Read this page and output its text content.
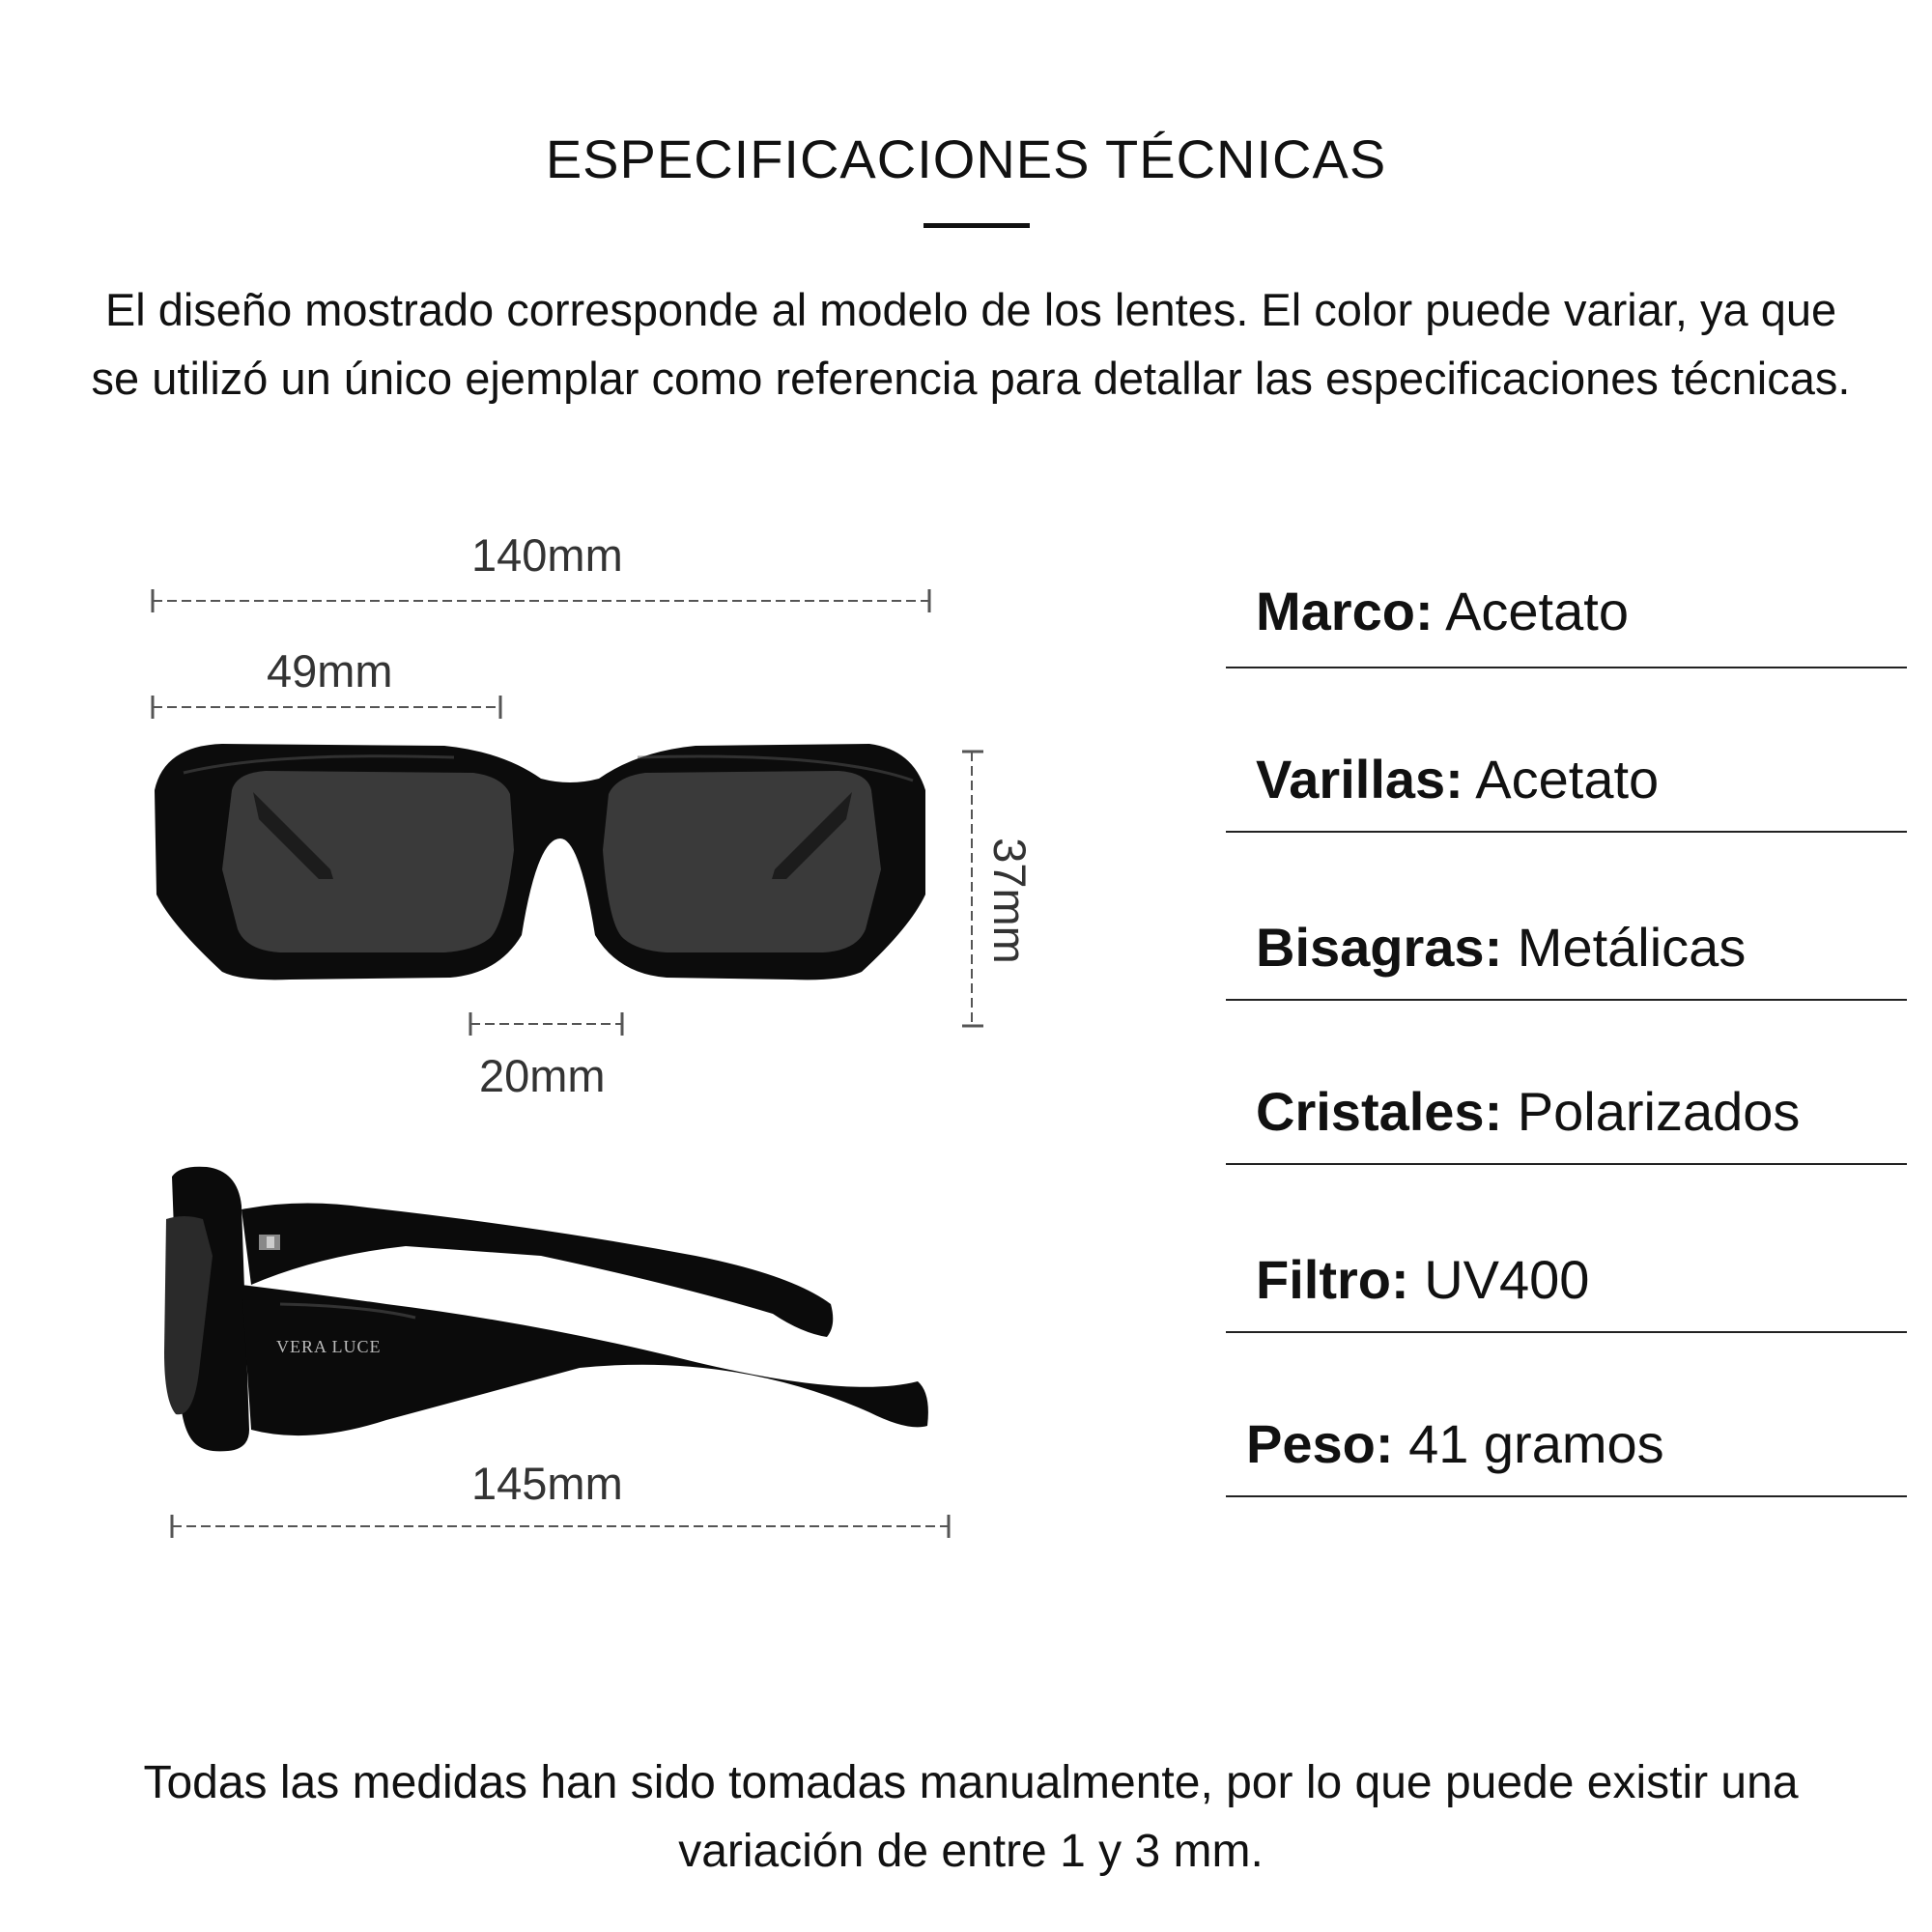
ESPECIFICACIONES TÉCNICAS
El diseño mostrado corresponde al modelo de los lentes. El color puede variar, ya que se utilizó un único ejemplar como referencia para detallar las especificaciones técnicas.
140mm
49mm
37mm
20mm
145mm
VERA LUCE
Marco: Acetato
Varillas: Acetato
Bisagras: Metálicas
Cristales: Polarizados
Filtro: UV400
Peso: 41 gramos
Todas las medidas han sido tomadas manualmente, por lo que puede existir una variación de entre 1 y 3 mm.
